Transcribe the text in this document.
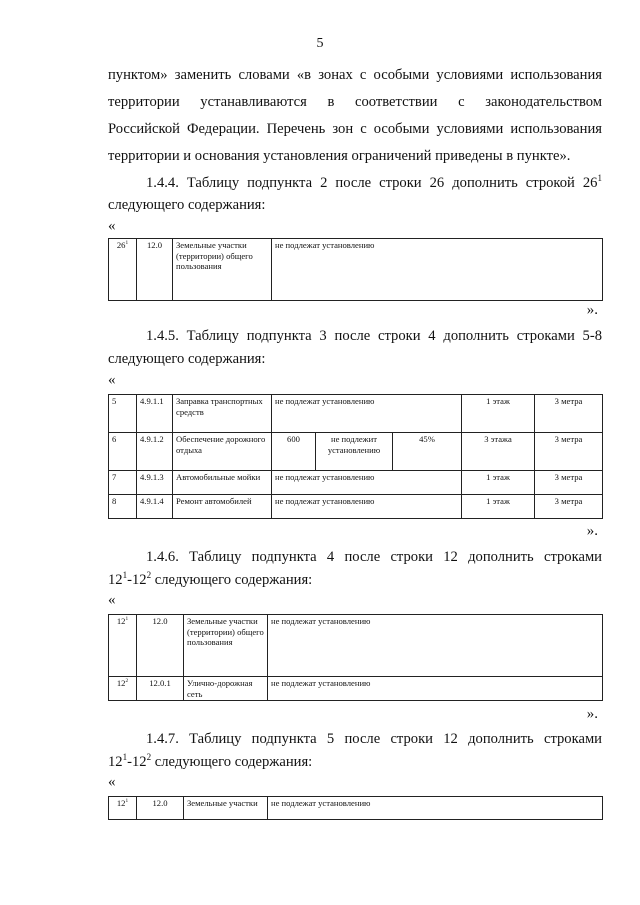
5
пунктом» заменить словами «в зонах с особыми условиями использования
территории устанавливаются в соответствии с законодательством
Российской Федерации. Перечень зон с особыми условиями использования
территории и основания установления ограничений приведены в пункте».
1.4.4. Таблицу подпункта 2 после строки 26 дополнить строкой $26^1$
следующего содержания:
«
$26^1$	12.0	Земельные участки (территории) общего пользования	не подлежат установлению
».
1.4.5. Таблицу подпункта 3 после строки 4 дополнить строками 5-8
следующего содержания:
«
5	4.9.1.1	Заправка транспортных средств	не подлежат установлению			1 этаж	3 метра
6	4.9.1.2	Обеспечение дорожного отдыха	600	не подлежит установлению	45%	3 этажа	3 метра
7	4.9.1.3	Автомобильные мойки	не подлежат установлению			1 этаж	3 метра
8	4.9.1.4	Ремонт автомобилей	не подлежат установлению			1 этаж	3 метра
».
1.4.6. Таблицу подпункта 4 после строки 12 дополнить строками
$12^1-12^2$ следующего содержания:
«
$12^1$	12.0	Земельные участки (территории) общего пользования	не подлежат установлению
$12^2$	12.0.1	Улично-дорожная сеть	не подлежат установлению
».
1.4.7. Таблицу подпункта 5 после строки 12 дополнить строками
$12^1-12^2$ следующего содержания:
«
$12^1$	12.0	Земельные участки	не подлежат установлению
